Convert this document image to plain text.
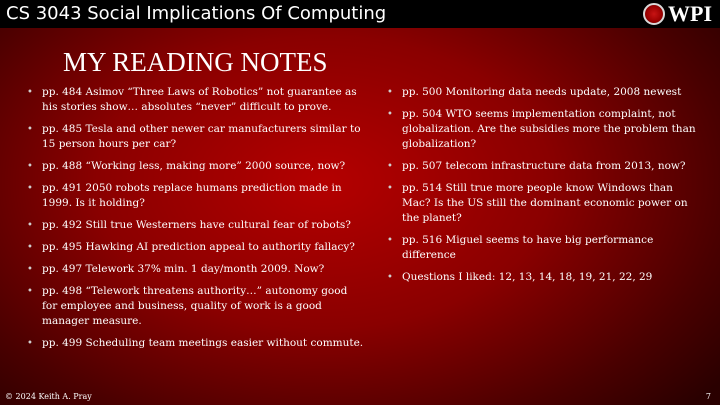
CS 3043 Social Implications Of Computing	WPI
MY READING NOTES
• pp. 484 Asimov “Three Laws of Robotics” not guarantee as his stories show… absolutes “never” difficult to prove.
• pp. 485 Tesla and other newer car manufacturers similar to 15 person hours per car?
• pp. 488 “Working less, making more” 2000 source, now?
• pp. 491 2050 robots replace humans prediction made in 1999. Is it holding?
• pp. 492 Still true Westerners have cultural fear of robots?
• pp. 495 Hawking AI prediction appeal to authority fallacy?
• pp. 497 Telework 37% min. 1 day/month 2009. Now?
• pp. 498 “Telework threatens authority…” autonomy good for employee and business, quality of work is a good manager measure.
• pp. 499 Scheduling team meetings easier without commute.
• pp. 500 Monitoring data needs update, 2008 newest
• pp. 504 WTO seems implementation complaint, not globalization. Are the subsidies more the problem than globalization?
• pp. 507 telecom infrastructure data from 2013, now?
• pp. 514 Still true more people know Windows than Mac? Is the US still the dominant economic power on the planet?
• pp. 516 Miguel seems to have big performance difference
• Questions I liked: 12, 13, 14, 18, 19, 21, 22, 29
© 2024 Keith A. Pray	7
